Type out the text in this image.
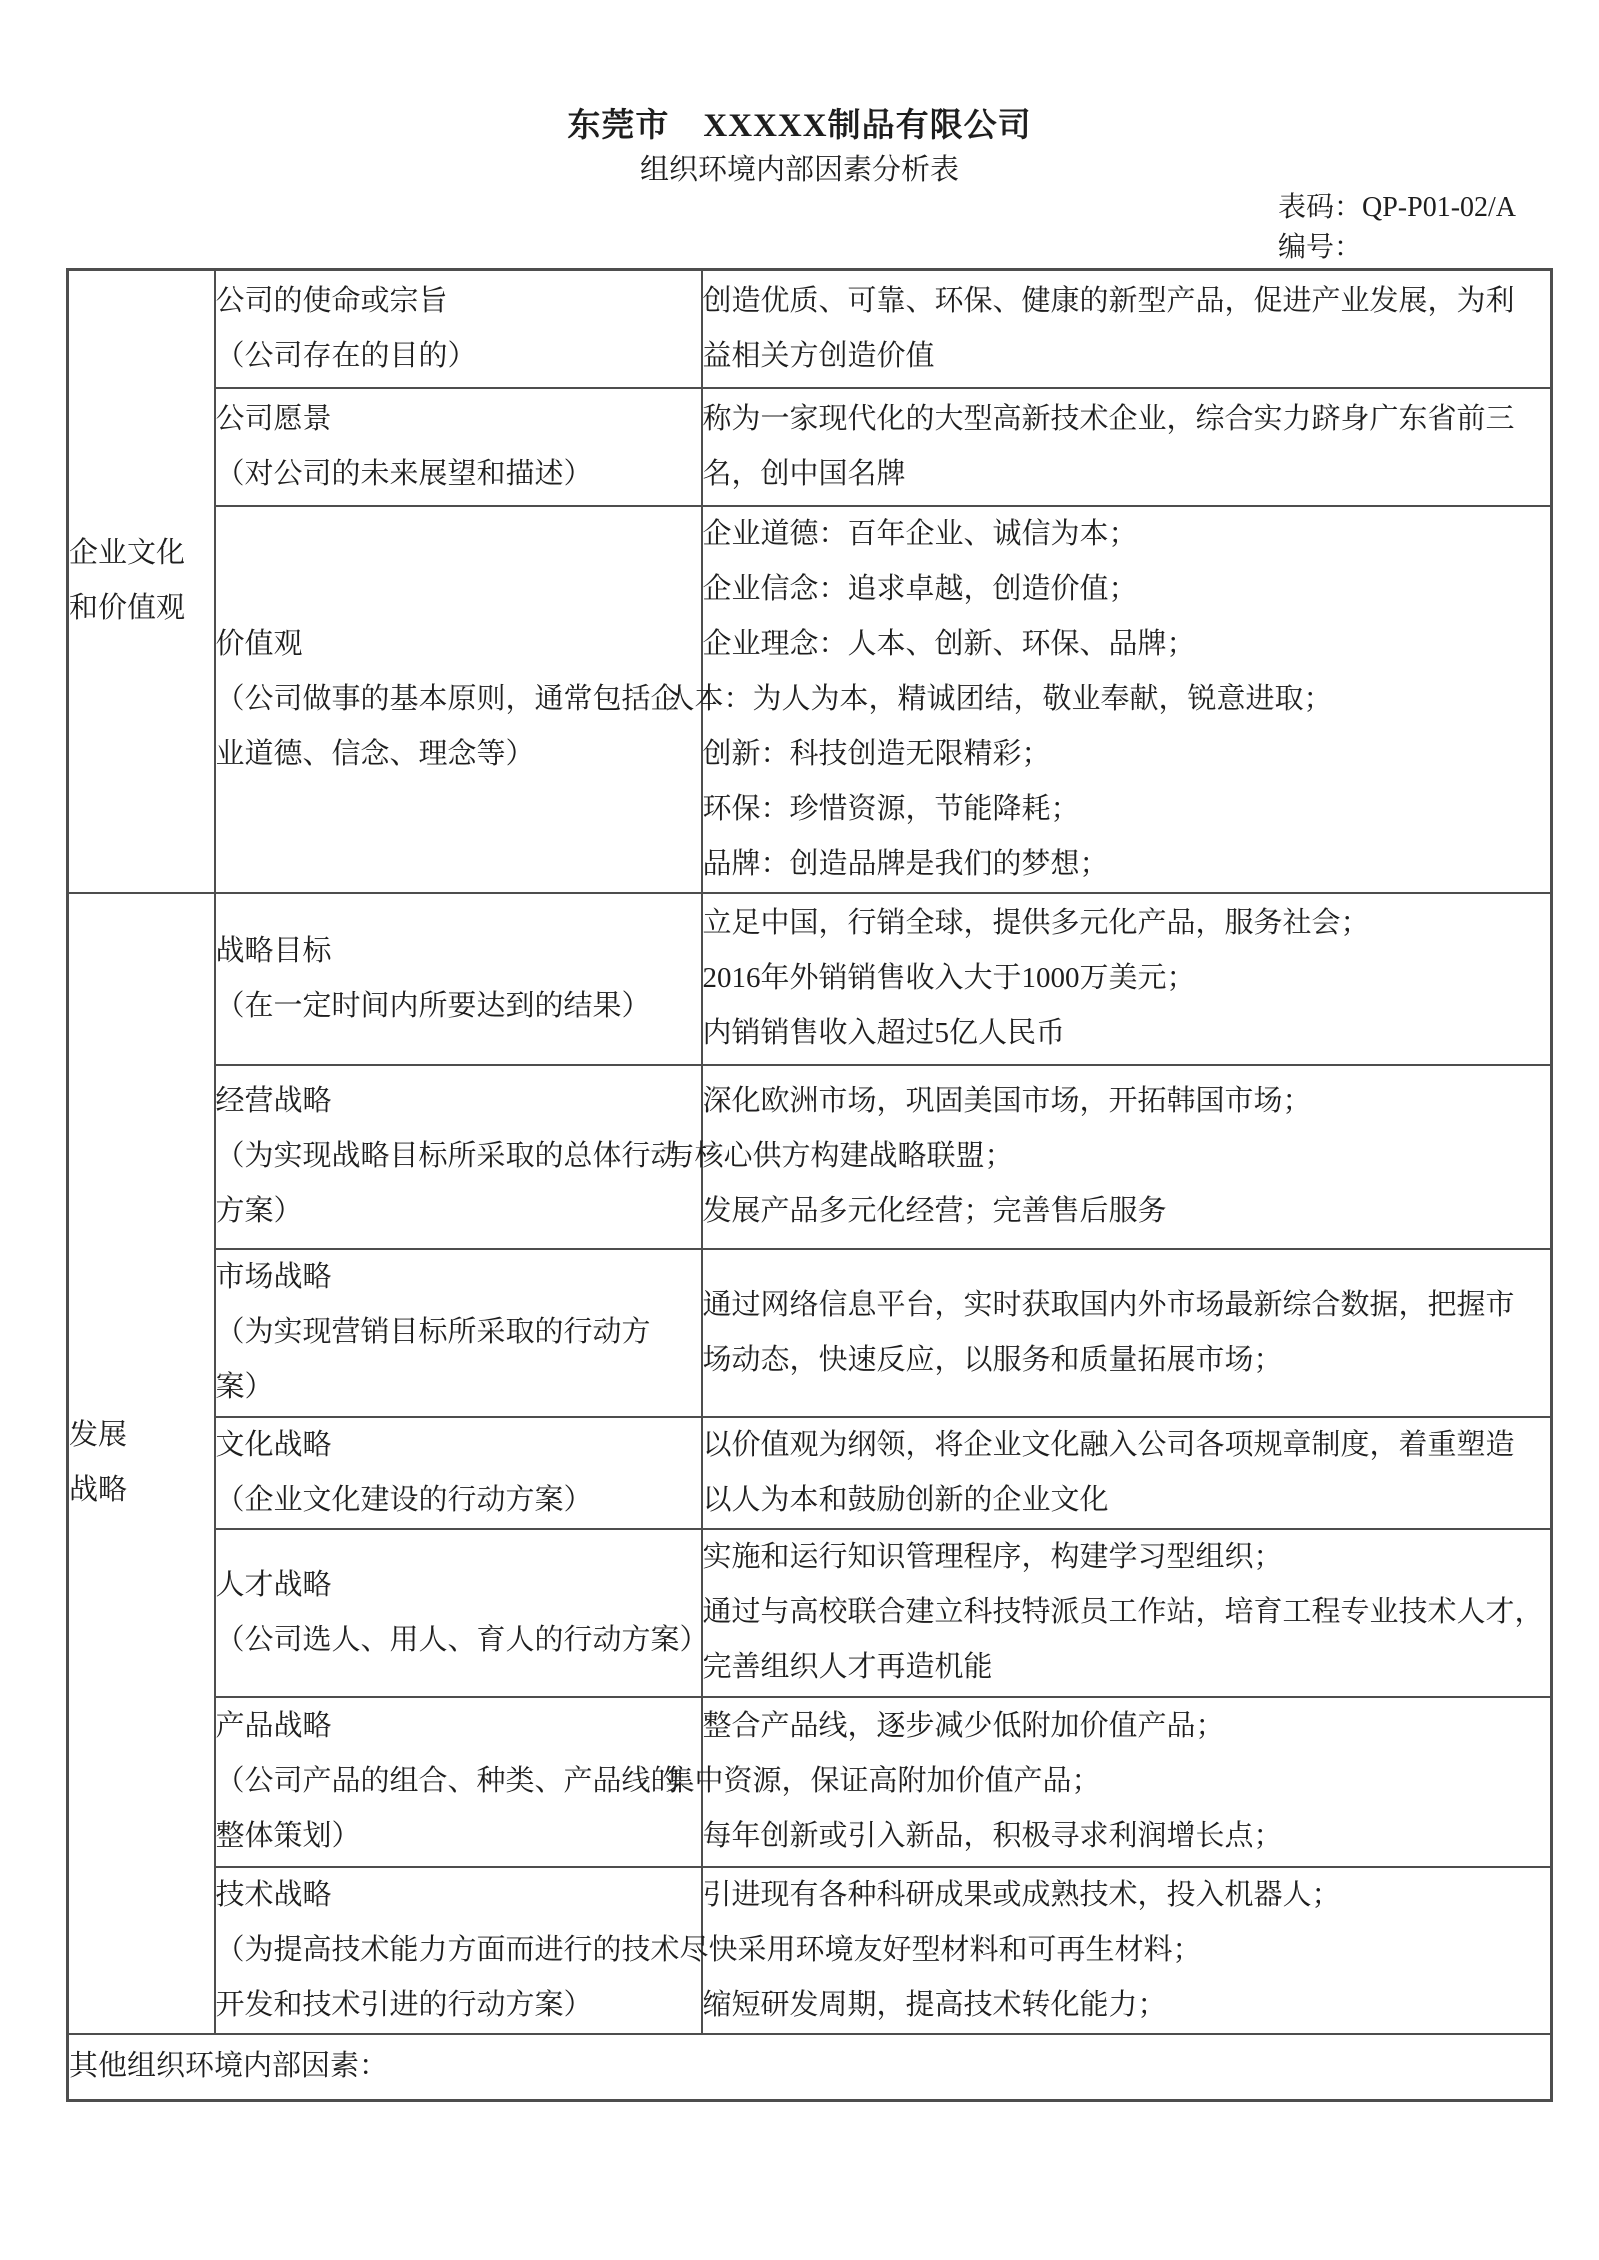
东莞市　XXXXX制品有限公司
组织环境内部因素分析表
表码：QP-P01-02/A
编号：
企业文化
和价值观

公司的使命或宗旨
（公司存在的目的）

创造优质、可靠、环保、健康的新型产品，促进产业发展，为利
益相关方创造价值

公司愿景
（对公司的未来展望和描述）

称为一家现代化的大型高新技术企业，综合实力跻身广东省前三
名，创中国名牌

价值观
（公司做事的基本原则，通常包括企
业道德、信念、理念等）

企业道德：百年企业、诚信为本；
企业信念：追求卓越，创造价值；
企业理念：人本、创新、环保、品牌；
人本：为人为本，精诚团结，敬业奉献，锐意进取；
创新：科技创造无限精彩；
环保：珍惜资源，节能降耗；
品牌：创造品牌是我们的梦想；

发展
战略

战略目标
（在一定时间内所要达到的结果）

立足中国，行销全球，提供多元化产品，服务社会；
2016年外销销售收入大于1000万美元；
内销销售收入超过5亿人民币

经营战略
（为实现战略目标所采取的总体行动
方案）

深化欧洲市场，巩固美国市场，开拓韩国市场；
与核心供方构建战略联盟；
发展产品多元化经营；完善售后服务

市场战略
（为实现营销目标所采取的行动方
案）

通过网络信息平台，实时获取国内外市场最新综合数据，把握市
场动态，快速反应，以服务和质量拓展市场；

文化战略
（企业文化建设的行动方案）

以价值观为纲领，将企业文化融入公司各项规章制度，着重塑造
以人为本和鼓励创新的企业文化

人才战略
（公司选人、用人、育人的行动方案）

实施和运行知识管理程序，构建学习型组织；
通过与高校联合建立科技特派员工作站，培育工程专业技术人才，
完善组织人才再造机能

产品战略
（公司产品的组合、种类、产品线的
整体策划）

整合产品线，逐步减少低附加价值产品；
集中资源，保证高附加价值产品；
每年创新或引入新品，积极寻求利润增长点；

技术战略
（为提高技术能力方面而进行的技术
开发和技术引进的行动方案）

引进现有各种科研成果或成熟技术，投入机器人；
尽快采用环境友好型材料和可再生材料；
缩短研发周期，提高技术转化能力；

其他组织环境内部因素：		
